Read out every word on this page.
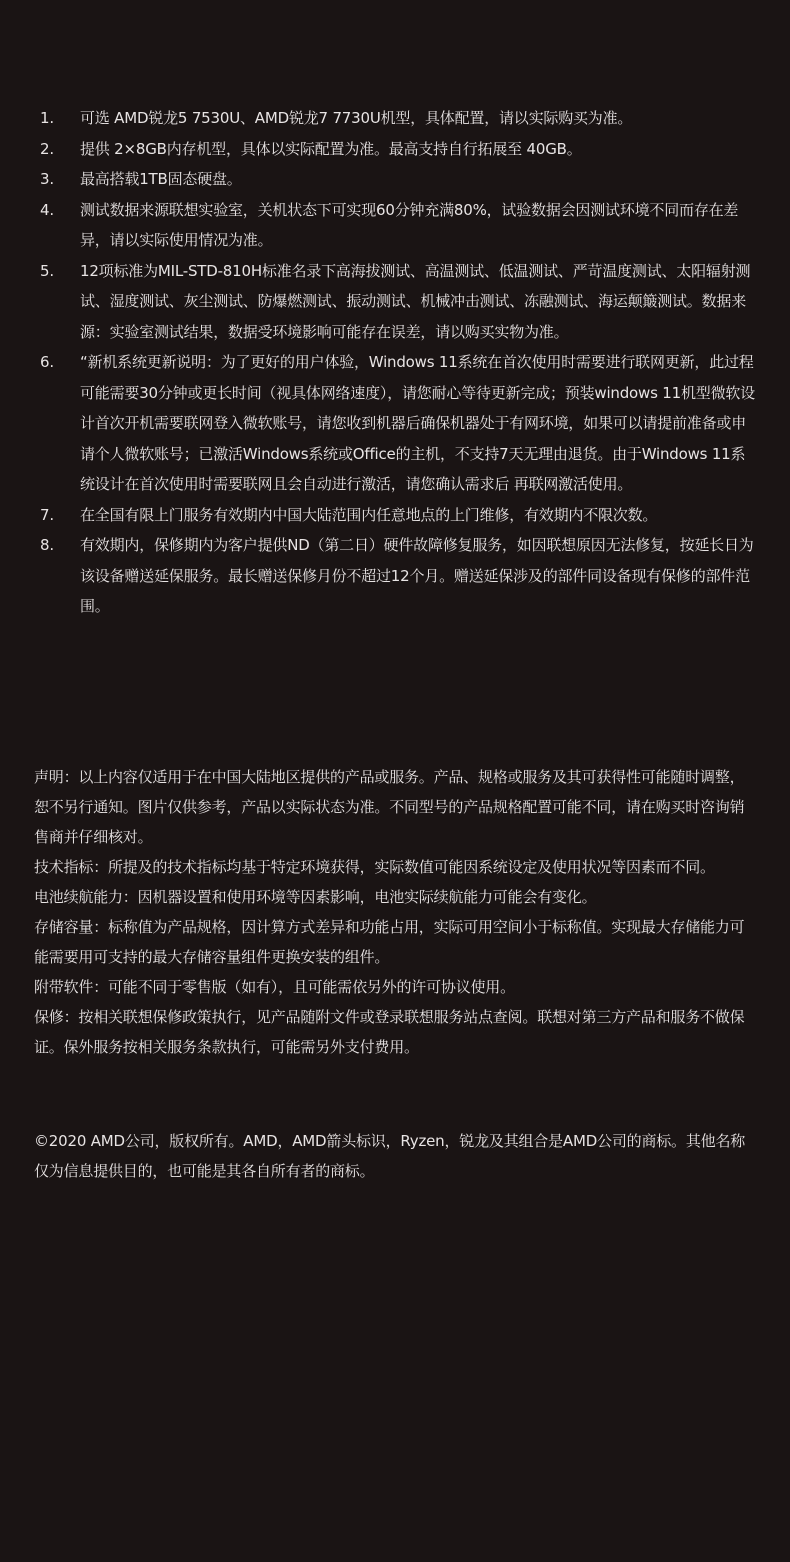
1.	可选 AMD锐龙5 7530U、AMD锐龙7 7730U机型，具体配置，请以实际购买为准。
2.	提供 2×8GB内存机型，具体以实际配置为准。最高支持自行拓展至 40GB。
3.	最高搭载1TB固态硬盘。
4.	测试数据来源联想实验室，关机状态下可实现60分钟充满80%，试验数据会因测试环境不同而存在差异，请以实际使用情况为准。
5.	12项标准为MIL-STD-810H标准名录下高海拔测试、高温测试、低温测试、严苛温度测试、太阳辐射测试、湿度测试、灰尘测试、防爆燃测试、振动测试、机械冲击测试、冻融测试、海运颠簸测试。数据来源：实验室测试结果，数据受环境影响可能存在误差，请以购买实物为准。
6.	“新机系统更新说明：为了更好的用户体验，Windows 11系统在首次使用时需要进行联网更新，此过程可能需要30分钟或更长时间（视具体网络速度），请您耐心等待更新完成；预装windows 11机型微软设计首次开机需要联网登入微软账号，请您收到机器后确保机器处于有网环境，如果可以请提前准备或申请个人微软账号；已激活Windows系统或Office的主机，不支持7天无理由退货。由于Windows 11系统设计在首次使用时需要联网且会自动进行激活，请您确认需求后 再联网激活使用。
7.	在全国有限上门服务有效期内中国大陆范围内任意地点的上门维修，有效期内不限次数。
8.	有效期内，保修期内为客户提供ND（第二日）硬件故障修复服务，如因联想原因无法修复，按延长日为该设备赠送延保服务。最长赠送保修月份不超过12个月。赠送延保涉及的部件同设备现有保修的部件范围。

声明：以上内容仅适用于在中国大陆地区提供的产品或服务。产品、规格或服务及其可获得性可能随时调整，恕不另行通知。图片仅供参考，产品以实际状态为准。不同型号的产品规格配置可能不同，请在购买时咨询销售商并仔细核对。

技术指标：所提及的技术指标均基于特定环境获得，实际数值可能因系统设定及使用状况等因素而不同。

电池续航能力：因机器设置和使用环境等因素影响，电池实际续航能力可能会有变化。

存储容量：标称值为产品规格，因计算方式差异和功能占用，实际可用空间小于标称值。实现最大存储能力可能需要用可支持的最大存储容量组件更换安装的组件。

附带软件：可能不同于零售版（如有），且可能需依另外的许可协议使用。

保修：按相关联想保修政策执行，见产品随附文件或登录联想服务站点查阅。联想对第三方产品和服务不做保证。保外服务按相关服务条款执行，可能需另外支付费用。

©2020 AMD公司，版权所有。AMD，AMD箭头标识，Ryzen，锐龙及其组合是AMD公司的商标。其他名称仅为信息提供目的，也可能是其各自所有者的商标。
